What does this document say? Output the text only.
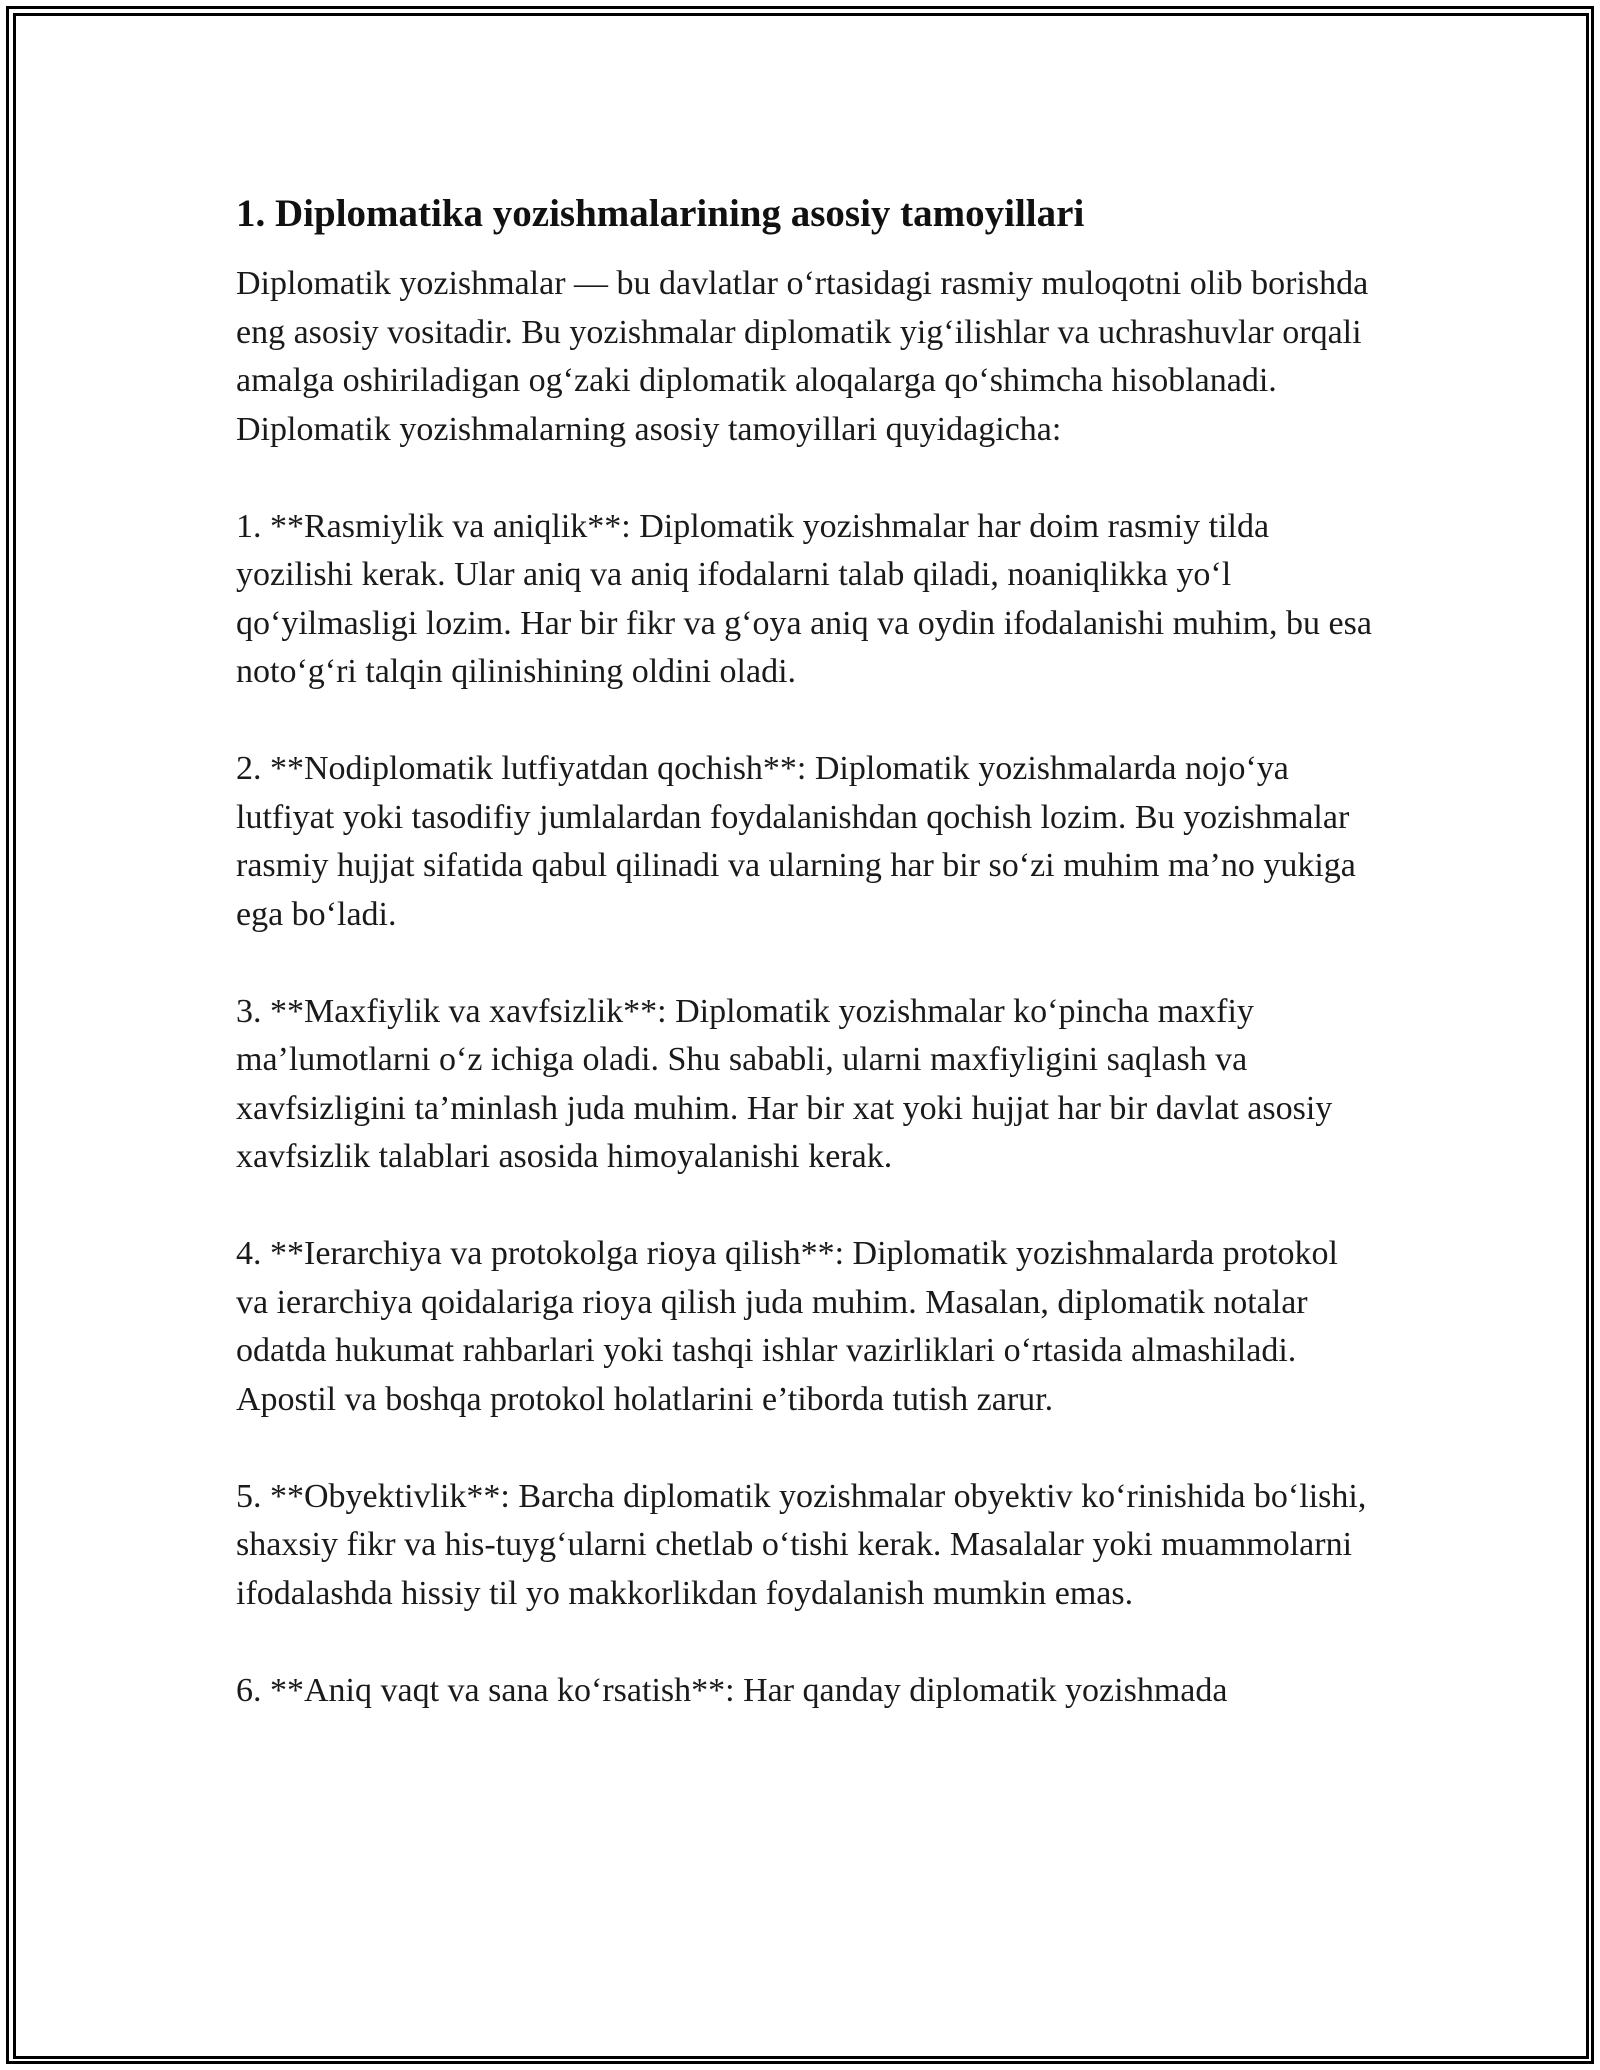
1. Diplomatika yozishmalarining asosiy tamoyillari

Diplomatik yozishmalar — bu davlatlar o‘rtasidagi rasmiy muloqotni olib borishda eng asosiy vositadir. Bu yozishmalar diplomatik yig‘ilishlar va uchrashuvlar orqali amalga oshiriladigan og‘zaki diplomatik aloqalarga qo‘shimcha hisoblanadi. Diplomatik yozishmalarning asosiy tamoyillari quyidagicha:

1. **Rasmiylik va aniqlik**: Diplomatik yozishmalar har doim rasmiy tilda yozilishi kerak. Ular aniq va aniq ifodalarni talab qiladi, noaniqlikka yo‘l qo‘yilmasligi lozim. Har bir fikr va g‘oya aniq va oydin ifodalanishi muhim, bu esa noto‘g‘ri talqin qilinishining oldini oladi.

2. **Nodiplomatik lutfiyatdan qochish**: Diplomatik yozishmalarda nojo‘ya lutfiyat yoki tasodifiy jumlalardan foydalanishdan qochish lozim. Bu yozishmalar rasmiy hujjat sifatida qabul qilinadi va ularning har bir so‘zi muhim ma’no yukiga ega bo‘ladi.

3. **Maxfiylik va xavfsizlik**: Diplomatik yozishmalar ko‘pincha maxfiy ma’lumotlarni o‘z ichiga oladi. Shu sababli, ularni maxfiyligini saqlash va xavfsizligini ta’minlash juda muhim. Har bir xat yoki hujjat har bir davlat asosiy xavfsizlik talablari asosida himoyalanishi kerak.

4. **Ierarchiya va protokolga rioya qilish**: Diplomatik yozishmalarda protokol va ierarchiya qoidalariga rioya qilish juda muhim. Masalan, diplomatik notalar odatda hukumat rahbarlari yoki tashqi ishlar vazirliklari o‘rtasida almashiladi. Apostil va boshqa protokol holatlarini e’tiborda tutish zarur.

5. **Obyektivlik**: Barcha diplomatik yozishmalar obyektiv ko‘rinishida bo‘lishi, shaxsiy fikr va his-tuyg‘ularni chetlab o‘tishi kerak. Masalalar yoki muammolarni ifodalashda hissiy til yo makkorlikdan foydalanish mumkin emas.

6. **Aniq vaqt va sana ko‘rsatish**: Har qanday diplomatik yozishmada
